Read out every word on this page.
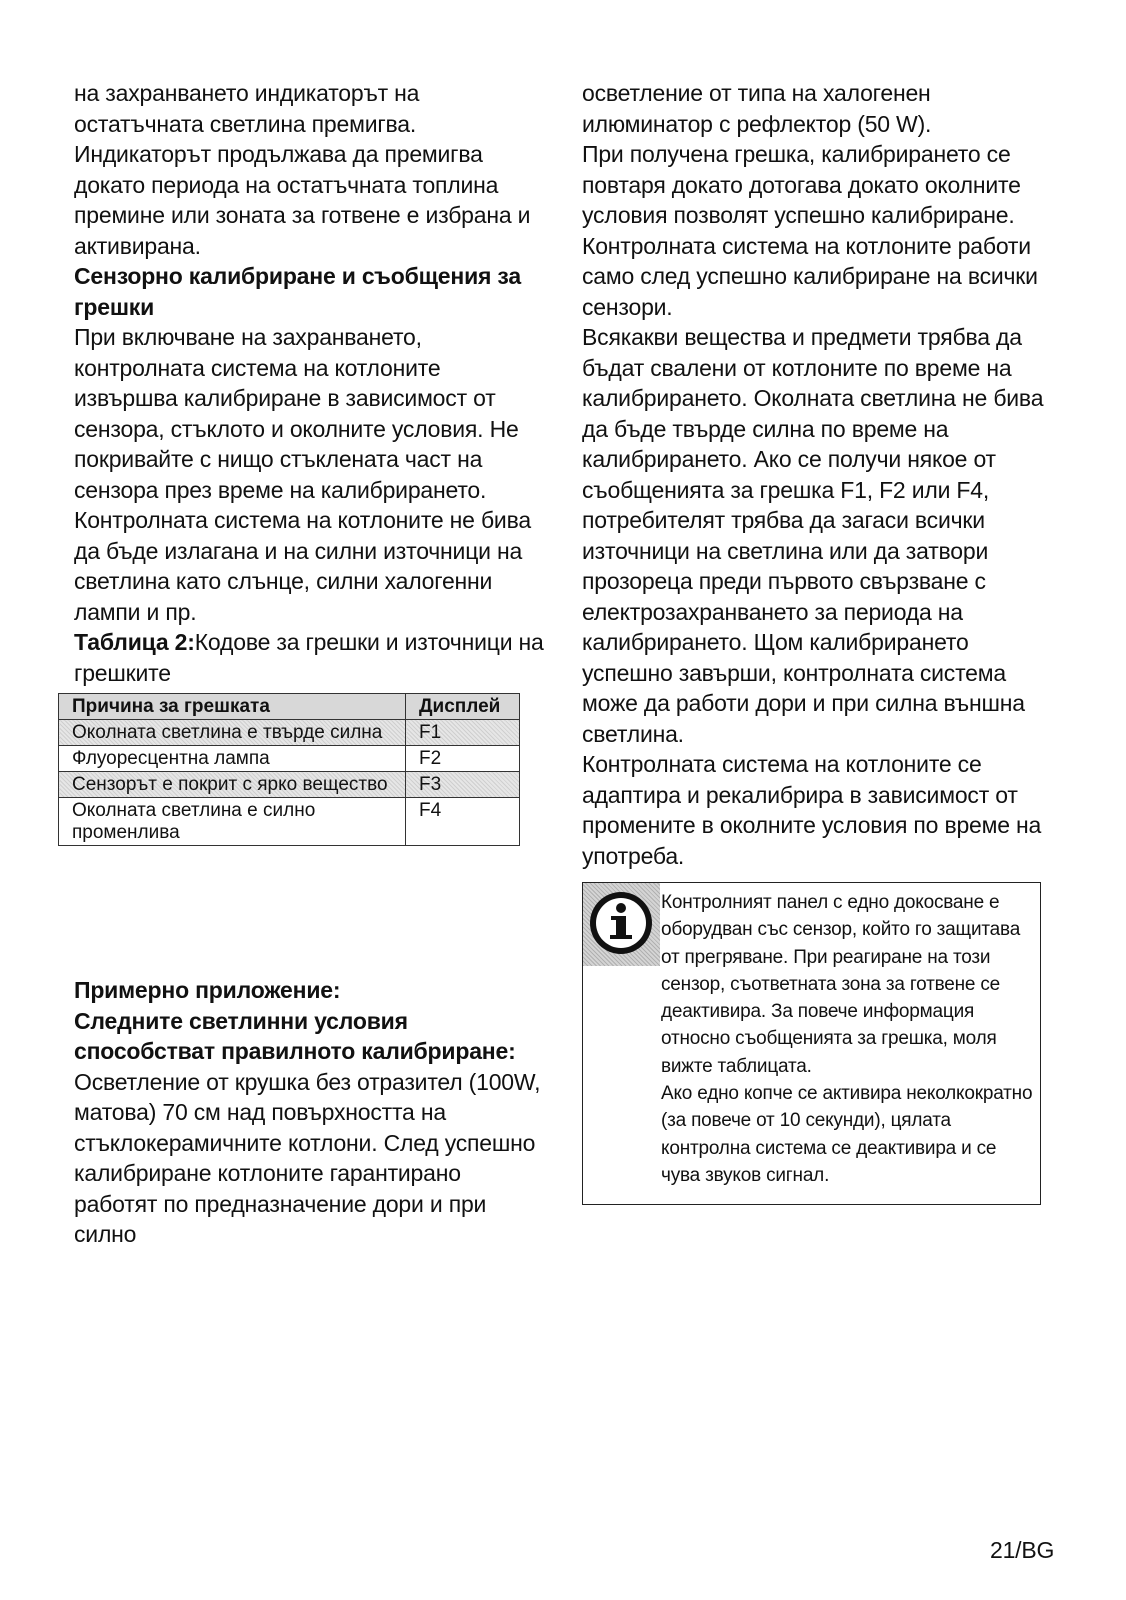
на захранването индикаторът на остатъчната светлина премигва. Индикаторът продължава да премигва докато периода на остатъчната топлина премине или зоната за готвене е избрана и активирана.

Сензорно калибриране и съобщения за грешки

При включване на захранването, контролната система на котлоните извършва калибриране в зависимост от сензора, стъклото и околните условия. Не покривайте с нищо стъклената част на сензора през време на калибрирането. Контролната система на котлоните не бива да бъде излагана и на силни източници на светлина като слънце, силни халогенни лампи и пр.

Таблица 2:Кодове за грешки и източници на грешките

Причина за грешката	Дисплей
Околната светлина е твърде силна	F1
Флуоресцентна лампа	F2
Сензорът е покрит с ярко вещество	F3
Околната светлина е силно променлива	F4

Примерно приложение:

Следните светлинни условия способстват правилното калибриране:

Осветление от крушка без отразител (100W, матова) 70 см над повърхността на стъклокерамичните котлони. След успешно калибриране котлоните гарантирано работят по предназначение дори и при силно

осветление от типа на халогенен илюминатор с рефлектор (50 W).

При получена грешка, калибрирането се повтаря докато дотогава докато околните условия позволят успешно калибриране. Контролната система на котлоните работи само след успешно калибриране на всички сензори.

Всякакви вещества и предмети трябва да бъдат свалени от котлоните по време на калибрирането. Околната светлина не бива да бъде твърде силна по време на калибрирането. Ако се получи някое от съобщенията за грешка F1, F2 или F4, потребителят трябва да загаси всички източници на светлина или да затвори прозореца преди първото свързване с електрозахранването за периода на калибрирането. Щом калибрирането успешно завърши, контролната система може да работи дори и при силна външна светлина.

Контролната система на котлоните се адаптира и рекалибрира в зависимост от промените в околните условия по време на употреба.

Контролният панел с едно докосване е оборудван със сензор, който го защитава от прегряване. При реагиране на този сензор, съответната зона за готвене се деактивира. За повече информация относно съобщенията за грешка, моля вижте таблицата.

Ако едно копче се активира неколкократно (за повече от 10 секунди), цялата контролна система се деактивира и се чува звуков сигнал.

21/BG
